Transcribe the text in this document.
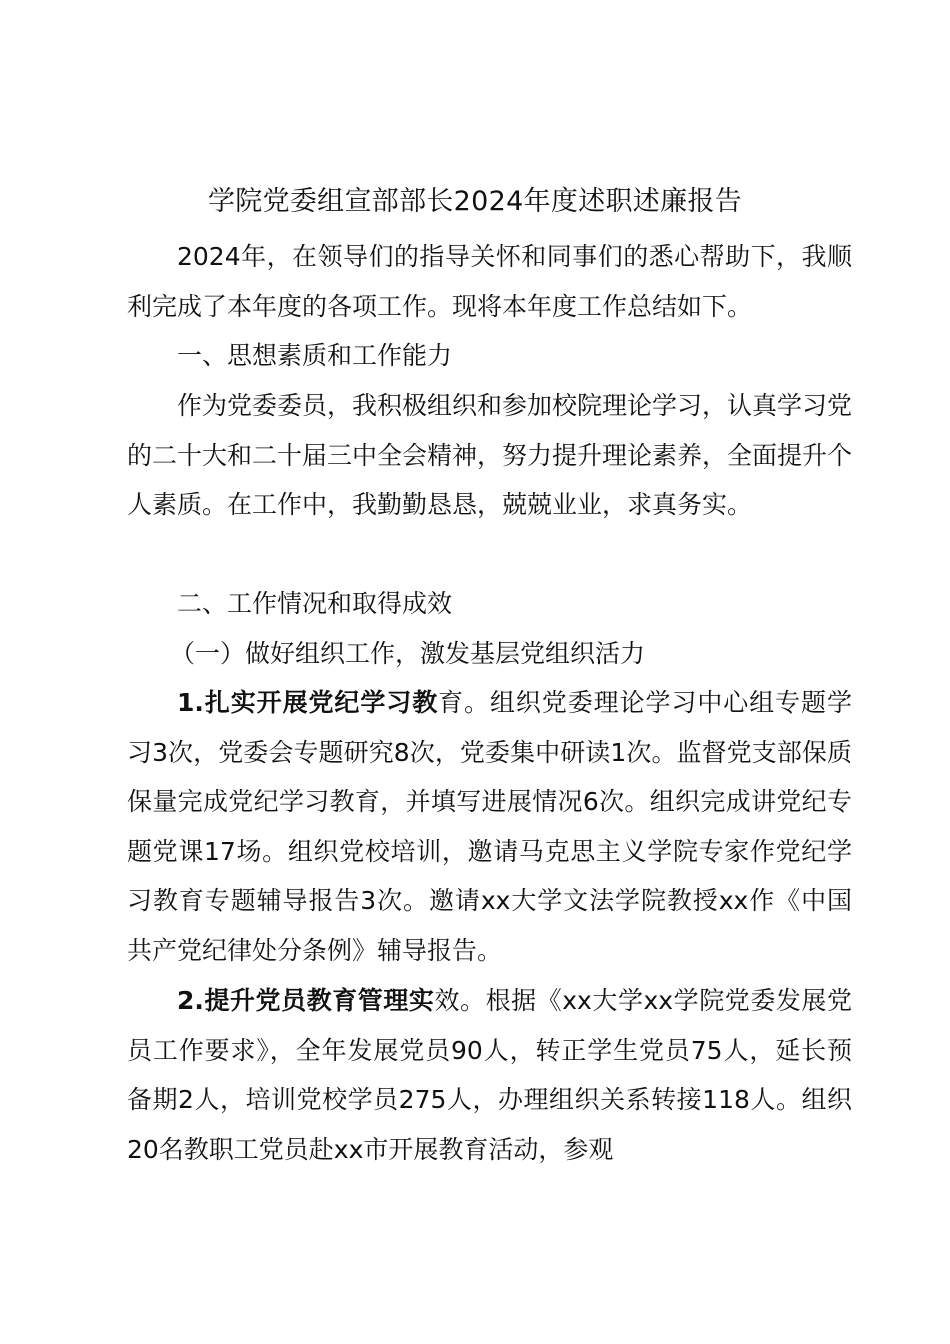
学院党委组宣部部长2024年度述职述廉报告

2024年，在领导们的指导关怀和同事们的悉心帮助下，我顺利完成了本年度的各项工作。现将本年度工作总结如下。

一、思想素质和工作能力

作为党委委员，我积极组织和参加校院理论学习，认真学习党的二十大和二十届三中全会精神，努力提升理论素养，全面提升个人素质。在工作中，我勤勤恳恳，兢兢业业，求真务实。

二、工作情况和取得成效

（一）做好组织工作，激发基层党组织活力

1.扎实开展党纪学习教育。组织党委理论学习中心组专题学习3次，党委会专题研究8次，党委集中研读1次。监督党支部保质保量完成党纪学习教育，并填写进展情况6次。组织完成讲党纪专题党课17场。组织党校培训，邀请马克思主义学院专家作党纪学习教育专题辅导报告3次。邀请xx大学文法学院教授xx作《中国共产党纪律处分条例》辅导报告。

2.提升党员教育管理实效。根据《xx大学xx学院党委发展党员工作要求》，全年发展党员90人，转正学生党员75人，延长预备期2人，培训党校学员275人，办理组织关系转接118人。组织20名教职工党员赴xx市开展教育活动，参观
